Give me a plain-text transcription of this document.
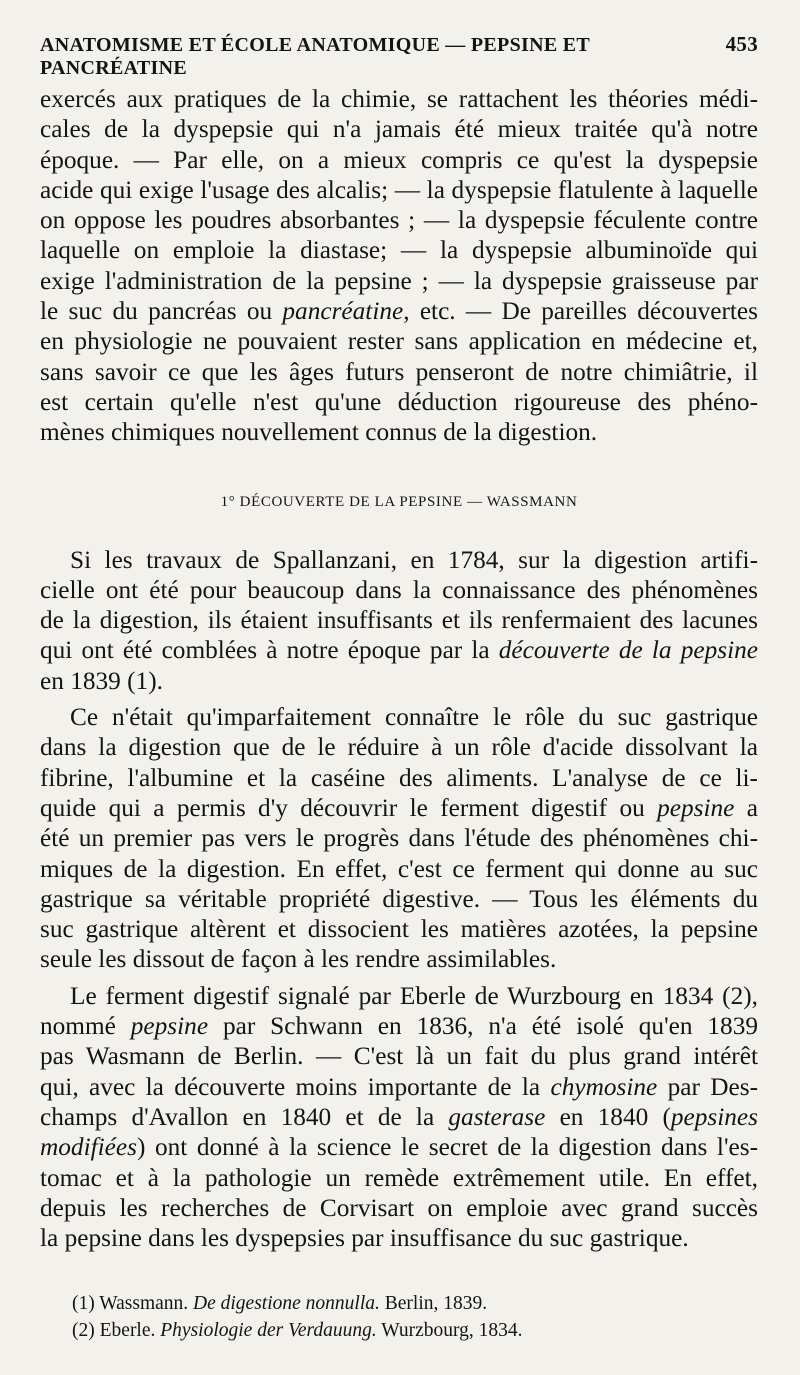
ANATOMISME ET ÉCOLE ANATOMIQUE — PEPSINE ET PANCRÉATINE
453
exercés aux pratiques de la chimie, se rattachent les théories médi-
cales de la dyspepsie qui n'a jamais été mieux traitée qu'à notre
époque. — Par elle, on a mieux compris ce qu'est la dyspepsie
acide qui exige l'usage des alcalis; — la dyspepsie flatulente à laquelle
on oppose les poudres absorbantes ; — la dyspepsie féculente contre
laquelle on emploie la diastase; — la dyspepsie albuminoïde qui
exige l'administration de la pepsine ; — la dyspepsie graisseuse par
le suc du pancréas ou pancréatine, etc. — De pareilles découvertes
en physiologie ne pouvaient rester sans application en médecine et,
sans savoir ce que les âges futurs penseront de notre chimiâtrie, il
est certain qu'elle n'est qu'une déduction rigoureuse des phéno-
mènes chimiques nouvellement connus de la digestion.
1° DÉCOUVERTE DE LA PEPSINE — WASSMANN
Si les travaux de Spallanzani, en 1784, sur la digestion artifi-
cielle ont été pour beaucoup dans la connaissance des phénomènes
de la digestion, ils étaient insuffisants et ils renfermaient des lacunes
qui ont été comblées à notre époque par la découverte de la pepsine
en 1839 (1).
Ce n'était qu'imparfaitement connaître le rôle du suc gastrique
dans la digestion que de le réduire à un rôle d'acide dissolvant la
fibrine, l'albumine et la caséine des aliments. L'analyse de ce li-
quide qui a permis d'y découvrir le ferment digestif ou pepsine a
été un premier pas vers le progrès dans l'étude des phénomènes chi-
miques de la digestion. En effet, c'est ce ferment qui donne au suc
gastrique sa véritable propriété digestive. — Tous les éléments du
suc gastrique altèrent et dissocient les matières azotées, la pepsine
seule les dissout de façon à les rendre assimilables.
Le ferment digestif signalé par Eberle de Wurzbourg en 1834 (2),
nommé pepsine par Schwann en 1836, n'a été isolé qu'en 1839
pas Wasmann de Berlin. — C'est là un fait du plus grand intérêt
qui, avec la découverte moins importante de la chymosine par Des-
champs d'Avallon en 1840 et de la gasterase en 1840 (pepsines
modifiées) ont donné à la science le secret de la digestion dans l'es-
tomac et à la pathologie un remède extrêmement utile. En effet,
depuis les recherches de Corvisart on emploie avec grand succès
la pepsine dans les dyspepsies par insuffisance du suc gastrique.
(1) Wassmann. De digestione nonnulla. Berlin, 1839.
(2) Eberle. Physiologie der Verdauung. Wurzbourg, 1834.
